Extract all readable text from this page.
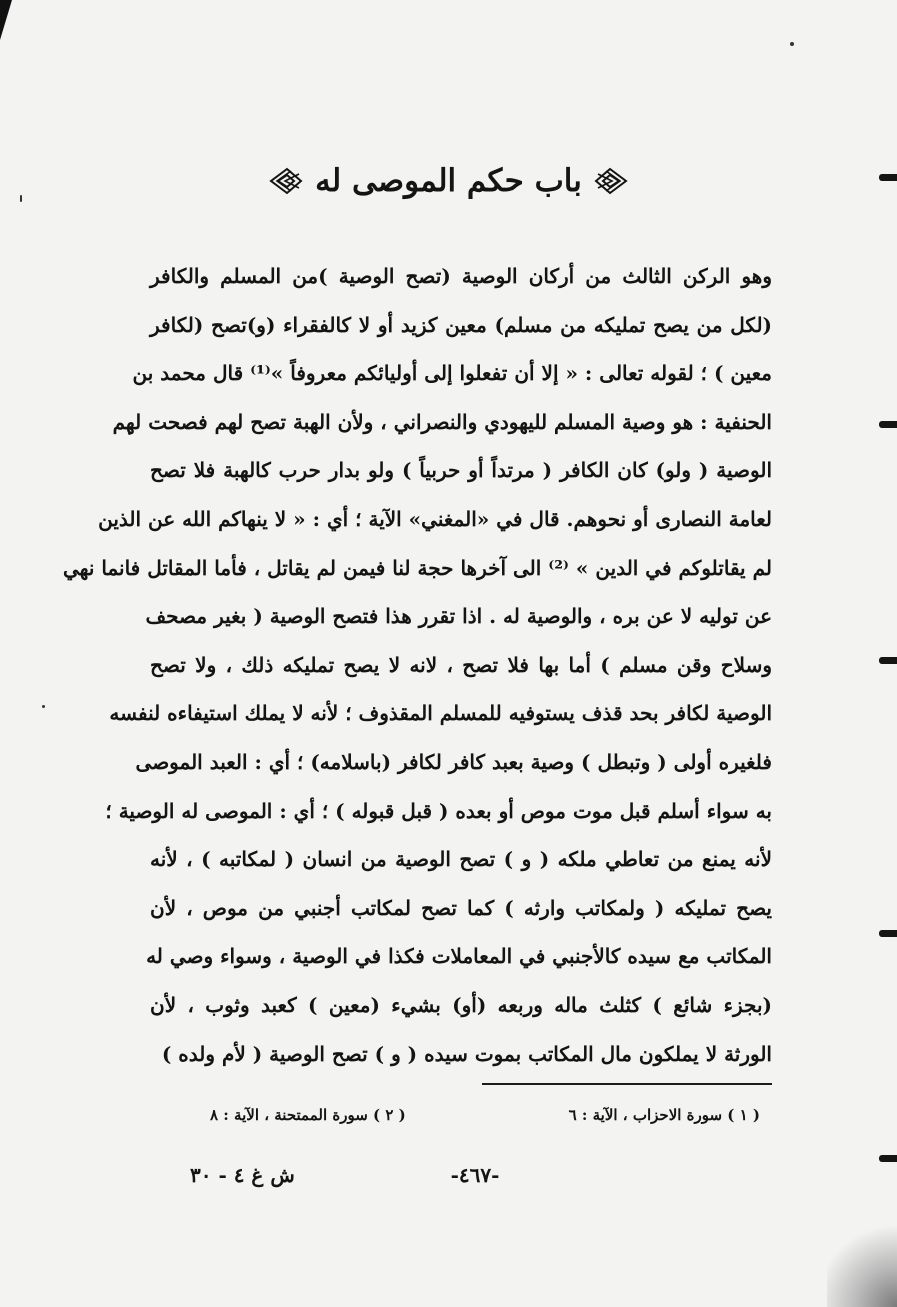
باب حكم الموصى له
وهو الركن الثالث من أركان الوصية (تصح الوصية )من المسلم والكافر
(لكل من يصح تمليكه من مسلم) معين كزيد أو لا كالفقراء (و)تصح (لكافر
معين ) ؛ لقوله تعالى : « إلا أن تفعلوا إلى أوليائكم معروفاً »⁽¹⁾ قال محمد بن
الحنفية : هو وصية المسلم لليهودي والنصراني ، ولأن الهبة تصح لهم فصحت لهم
الوصية ( ولو) كان الكافر ( مرتداً أو حربياً ) ولو بدار حرب كالهبة فلا تصح
لعامة النصارى أو نحوهم. قال في «المغني» الآية ؛ أي : « لا ينهاكم الله عن الذين
لم يقاتلوكم في الدين » ⁽²⁾ الى آخرها حجة لنا فيمن لم يقاتل ، فأما المقاتل فانما نهي
عن توليه لا عن بره ، والوصية له . اذا تقرر هذا فتصح الوصية ( بغير مصحف
وسلاح وقن مسلم ) أما بها فلا تصح ، لانه لا يصح تمليكه ذلك ، ولا تصح
الوصية لكافر بحد قذف يستوفيه للمسلم المقذوف ؛ لأنه لا يملك استيفاءه لنفسه
فلغيره أولى ( وتبطل ) وصية بعبد كافر لكافر (باسلامه) ؛ أي : العبد الموصى
به سواء أسلم قبل موت موص أو بعده ( قبل قبوله ) ؛ أي : الموصى له الوصية ؛
لأنه يمنع من تعاطي ملكه ( و ) تصح الوصية من انسان ( لمكاتبه ) ، لأنه
يصح تمليكه ( ولمكاتب وارثه ) كما تصح لمكاتب أجنبي من موص ، لأن
المكاتب مع سيده كالأجنبي في المعاملات فكذا في الوصية ، وسواء وصي له
(بجزء شائع ) كثلث ماله وربعه (أو) بشيء (معين ) كعبد وثوب ، لأن
الورثة لا يملكون مال المكاتب بموت سيده ( و ) تصح الوصية ( لأم ولده )
( ١ ) سورة الاحزاب ، الآية : ٦
( ٢ ) سورة الممتحنة ، الآية : ٨
-٤٦٧-
ش غ ٤ - ٣٠
